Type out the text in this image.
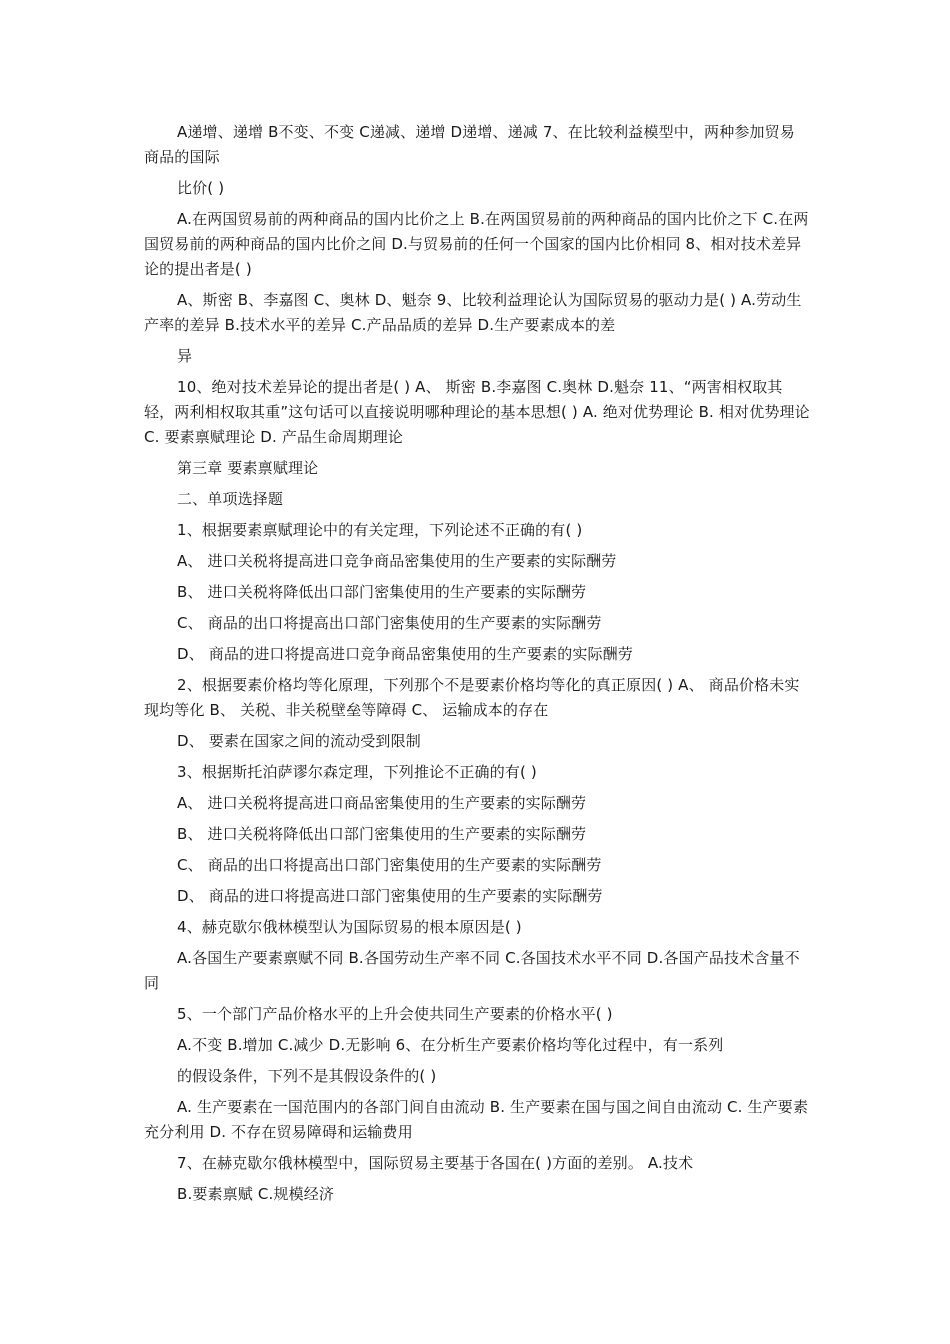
A递增、递增 B不变、不变 C递减、递增 D递增、递减 7、在比较利益模型中，两种参加贸易商品的国际

比价( )

A.在两国贸易前的两种商品的国内比价之上 B.在两国贸易前的两种商品的国内比价之下 C.在两国贸易前的两种商品的国内比价之间 D.与贸易前的任何一个国家的国内比价相同 8、相对技术差异论的提出者是( )

A、斯密 B、李嘉图 C、奥林 D、魁奈 9、比较利益理论认为国际贸易的驱动力是( ) A.劳动生产率的差异 B.技术水平的差异 C.产品品质的差异 D.生产要素成本的差

异

10、绝对技术差异论的提出者是( ) A、 斯密 B.李嘉图 C.奥林 D.魁奈 11、“两害相权取其轻，两利相权取其重”这句话可以直接说明哪种理论的基本思想( ) A. 绝对优势理论 B. 相对优势理论 C. 要素禀赋理论 D. 产品生命周期理论

第三章 要素禀赋理论

二、单项选择题

1、根据要素禀赋理论中的有关定理，下列论述不正确的有( )

A、 进口关税将提高进口竞争商品密集使用的生产要素的实际酬劳

B、 进口关税将降低出口部门密集使用的生产要素的实际酬劳

C、 商品的出口将提高出口部门密集使用的生产要素的实际酬劳

D、 商品的进口将提高进口竞争商品密集使用的生产要素的实际酬劳

2、根据要素价格均等化原理，下列那个不是要素价格均等化的真正原因( ) A、 商品价格未实现均等化 B、 关税、非关税壁垒等障碍 C、 运输成本的存在

D、 要素在国家之间的流动受到限制

3、根据斯托泊萨谬尔森定理，下列推论不正确的有( )

A、 进口关税将提高进口商品密集使用的生产要素的实际酬劳

B、 进口关税将降低出口部门密集使用的生产要素的实际酬劳

C、 商品的出口将提高出口部门密集使用的生产要素的实际酬劳

D、 商品的进口将提高进口部门密集使用的生产要素的实际酬劳

4、赫克歇尔俄林模型认为国际贸易的根本原因是( )

A.各国生产要素禀赋不同 B.各国劳动生产率不同 C.各国技术水平不同 D.各国产品技术含量不同

5、一个部门产品价格水平的上升会使共同生产要素的价格水平( )

A.不变 B.增加 C.减少 D.无影响 6、在分析生产要素价格均等化过程中，有一系列

的假设条件，下列不是其假设条件的( )

A. 生产要素在一国范围内的各部门间自由流动 B. 生产要素在国与国之间自由流动 C. 生产要素充分利用 D. 不存在贸易障碍和运输费用

7、在赫克歇尔俄林模型中，国际贸易主要基于各国在( )方面的差别。 A.技术

B.要素禀赋 C.规模经济
